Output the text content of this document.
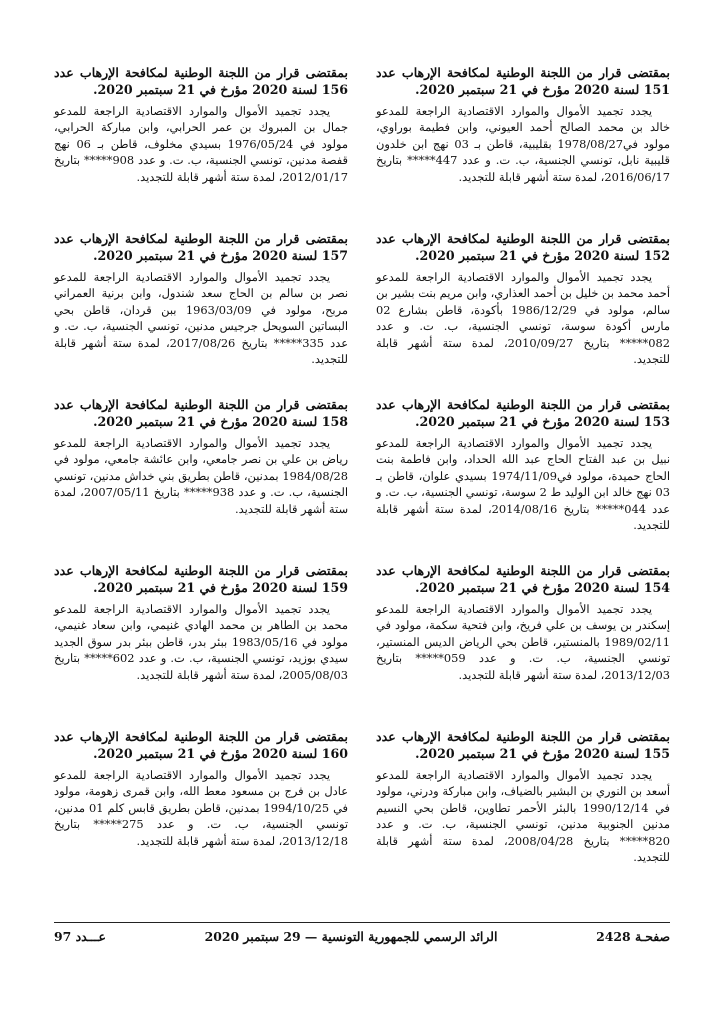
بمقتضى قرار من اللجنة الوطنية لمكافحة الإرهاب عدد 151 لسنة 2020 مؤرخ في 21 سبتمبر 2020.

يجدد تجميد الأموال والموارد الاقتصادية الراجعة للمدعو خالد بن محمد الصالح أحمد العيوني، وابن فطيمة بوراوي، مولود في1978/08/27 بقليبية، قاطن بـ 03 نهج ابن خلدون قليبية نابل، تونسي الجنسية، ب. ت. و عدد 447***** بتاريخ 2016/06/17، لمدة ستة أشهر قابلة للتجديد.

بمقتضى قرار من اللجنة الوطنية لمكافحة الإرهاب عدد 152 لسنة 2020 مؤرخ في 21 سبتمبر 2020.

يجدد تجميد الأموال والموارد الاقتصادية الراجعة للمدعو أحمد محمد بن خليل بن أحمد العذاري، وابن مريم بنت بشير بن سالم، مولود في 1986/12/29 بأكودة، قاطن بشارع 02 مارس أكودة سوسة، تونسي الجنسية، ب. ت. و عدد 082***** بتاريخ 2010/09/27، لمدة ستة أشهر قابلة للتجديد.

بمقتضى قرار من اللجنة الوطنية لمكافحة الإرهاب عدد 153 لسنة 2020 مؤرخ في 21 سبتمبر 2020.

يجدد تجميد الأموال والموارد الاقتصادية الراجعة للمدعو نبيل بن عبد الفتاح الحاج عبد الله الحداد، وابن فاطمة بنت الحاج حميدة، مولود في1974/11/09 بسيدي علوان، قاطن بـ 03 نهج خالد ابن الوليد ط 2 سوسة، تونسي الجنسية، ب. ت. و عدد 044***** بتاريخ 2014/08/16، لمدة ستة أشهر قابلة للتجديد.

بمقتضى قرار من اللجنة الوطنية لمكافحة الإرهاب عدد 154 لسنة 2020 مؤرخ في 21 سبتمبر 2020.

يجدد تجميد الأموال والموارد الاقتصادية الراجعة للمدعو إسكندر بن يوسف بن علي فريخ، وابن فتحية سكمة، مولود في 1989/02/11 بالمنستير، قاطن بحي الرياض الديس المنستير، تونسي الجنسية، ب. ت. و عدد 059***** بتاريخ 2013/12/03، لمدة ستة أشهر قابلة للتجديد.

بمقتضى قرار من اللجنة الوطنية لمكافحة الإرهاب عدد 155 لسنة 2020 مؤرخ في 21 سبتمبر 2020.

يجدد تجميد الأموال والموارد الاقتصادية الراجعة للمدعو أسعد بن النوري بن البشير بالضياف، وابن مباركة ودرني، مولود في 1990/12/14 بالبئر الأحمر تطاوين، قاطن بحي النسيم مدنين الجنوبية مدنين، تونسي الجنسية، ب. ت. و عدد 820***** بتاريخ 2008/04/28، لمدة ستة أشهر قابلة للتجديد.

بمقتضى قرار من اللجنة الوطنية لمكافحة الإرهاب عدد 156 لسنة 2020 مؤرخ في 21 سبتمبر 2020.

يجدد تجميد الأموال والموارد الاقتصادية الراجعة للمدعو جمال بن المبروك بن عمر الحرابي، وابن مباركة الحرابي، مولود في 1976/05/24 بسيدي مخلوف، قاطن بـ 06 نهج قفصة مدنين، تونسي الجنسية، ب. ت. و عدد 908***** بتاريخ 2012/01/17، لمدة ستة أشهر قابلة للتجديد.

بمقتضى قرار من اللجنة الوطنية لمكافحة الإرهاب عدد 157 لسنة 2020 مؤرخ في 21 سبتمبر 2020.

يجدد تجميد الأموال والموارد الاقتصادية الراجعة للمدعو نصر بن سالم بن الحاج سعد شندول، وابن برنية العمراني مربح، مولود في 1963/03/09 ببن قردان، قاطن بحي البساتين السويحل جرجيس مدنين، تونسي الجنسية، ب. ت. و عدد 335***** بتاريخ 2017/08/26، لمدة ستة أشهر قابلة للتجديد.

بمقتضى قرار من اللجنة الوطنية لمكافحة الإرهاب عدد 158 لسنة 2020 مؤرخ في 21 سبتمبر 2020.

يجدد تجميد الأموال والموارد الاقتصادية الراجعة للمدعو رياض بن علي بن نصر جامعي، وابن عائشة جامعي، مولود في 1984/08/28 بمدنين، قاطن بطريق بني خداش مدنين، تونسي الجنسية، ب. ت. و عدد 938***** بتاريخ 2007/05/11، لمدة ستة أشهر قابلة للتجديد.

بمقتضى قرار من اللجنة الوطنية لمكافحة الإرهاب عدد 159 لسنة 2020 مؤرخ في 21 سبتمبر 2020.

يجدد تجميد الأموال والموارد الاقتصادية الراجعة للمدعو محمد بن الطاهر بن محمد الهادي غنيمي، وابن سعاد غنيمي، مولود في 1983/05/16 ببئر بدر، قاطن ببئر بدر سوق الجديد سيدي بوزيد، تونسي الجنسية، ب. ت. و عدد 602***** بتاريخ 2005/08/03، لمدة ستة أشهر قابلة للتجديد.

بمقتضى قرار من اللجنة الوطنية لمكافحة الإرهاب عدد 160 لسنة 2020 مؤرخ في 21 سبتمبر 2020.

يجدد تجميد الأموال والموارد الاقتصادية الراجعة للمدعو عادل بن فرج بن مسعود معط الله، وابن قمرى زهومة، مولود في 1994/10/25 بمدنين، قاطن بطريق قابس كلم 01 مدنين، تونسي الجنسية، ب. ت. و عدد 275***** بتاريخ 2013/12/18، لمدة ستة أشهر قابلة للتجديد.

صفحـة 2428
الرائد الرسمي للجمهورية التونسية — 29 سبتمبر 2020
عـــدد 97
